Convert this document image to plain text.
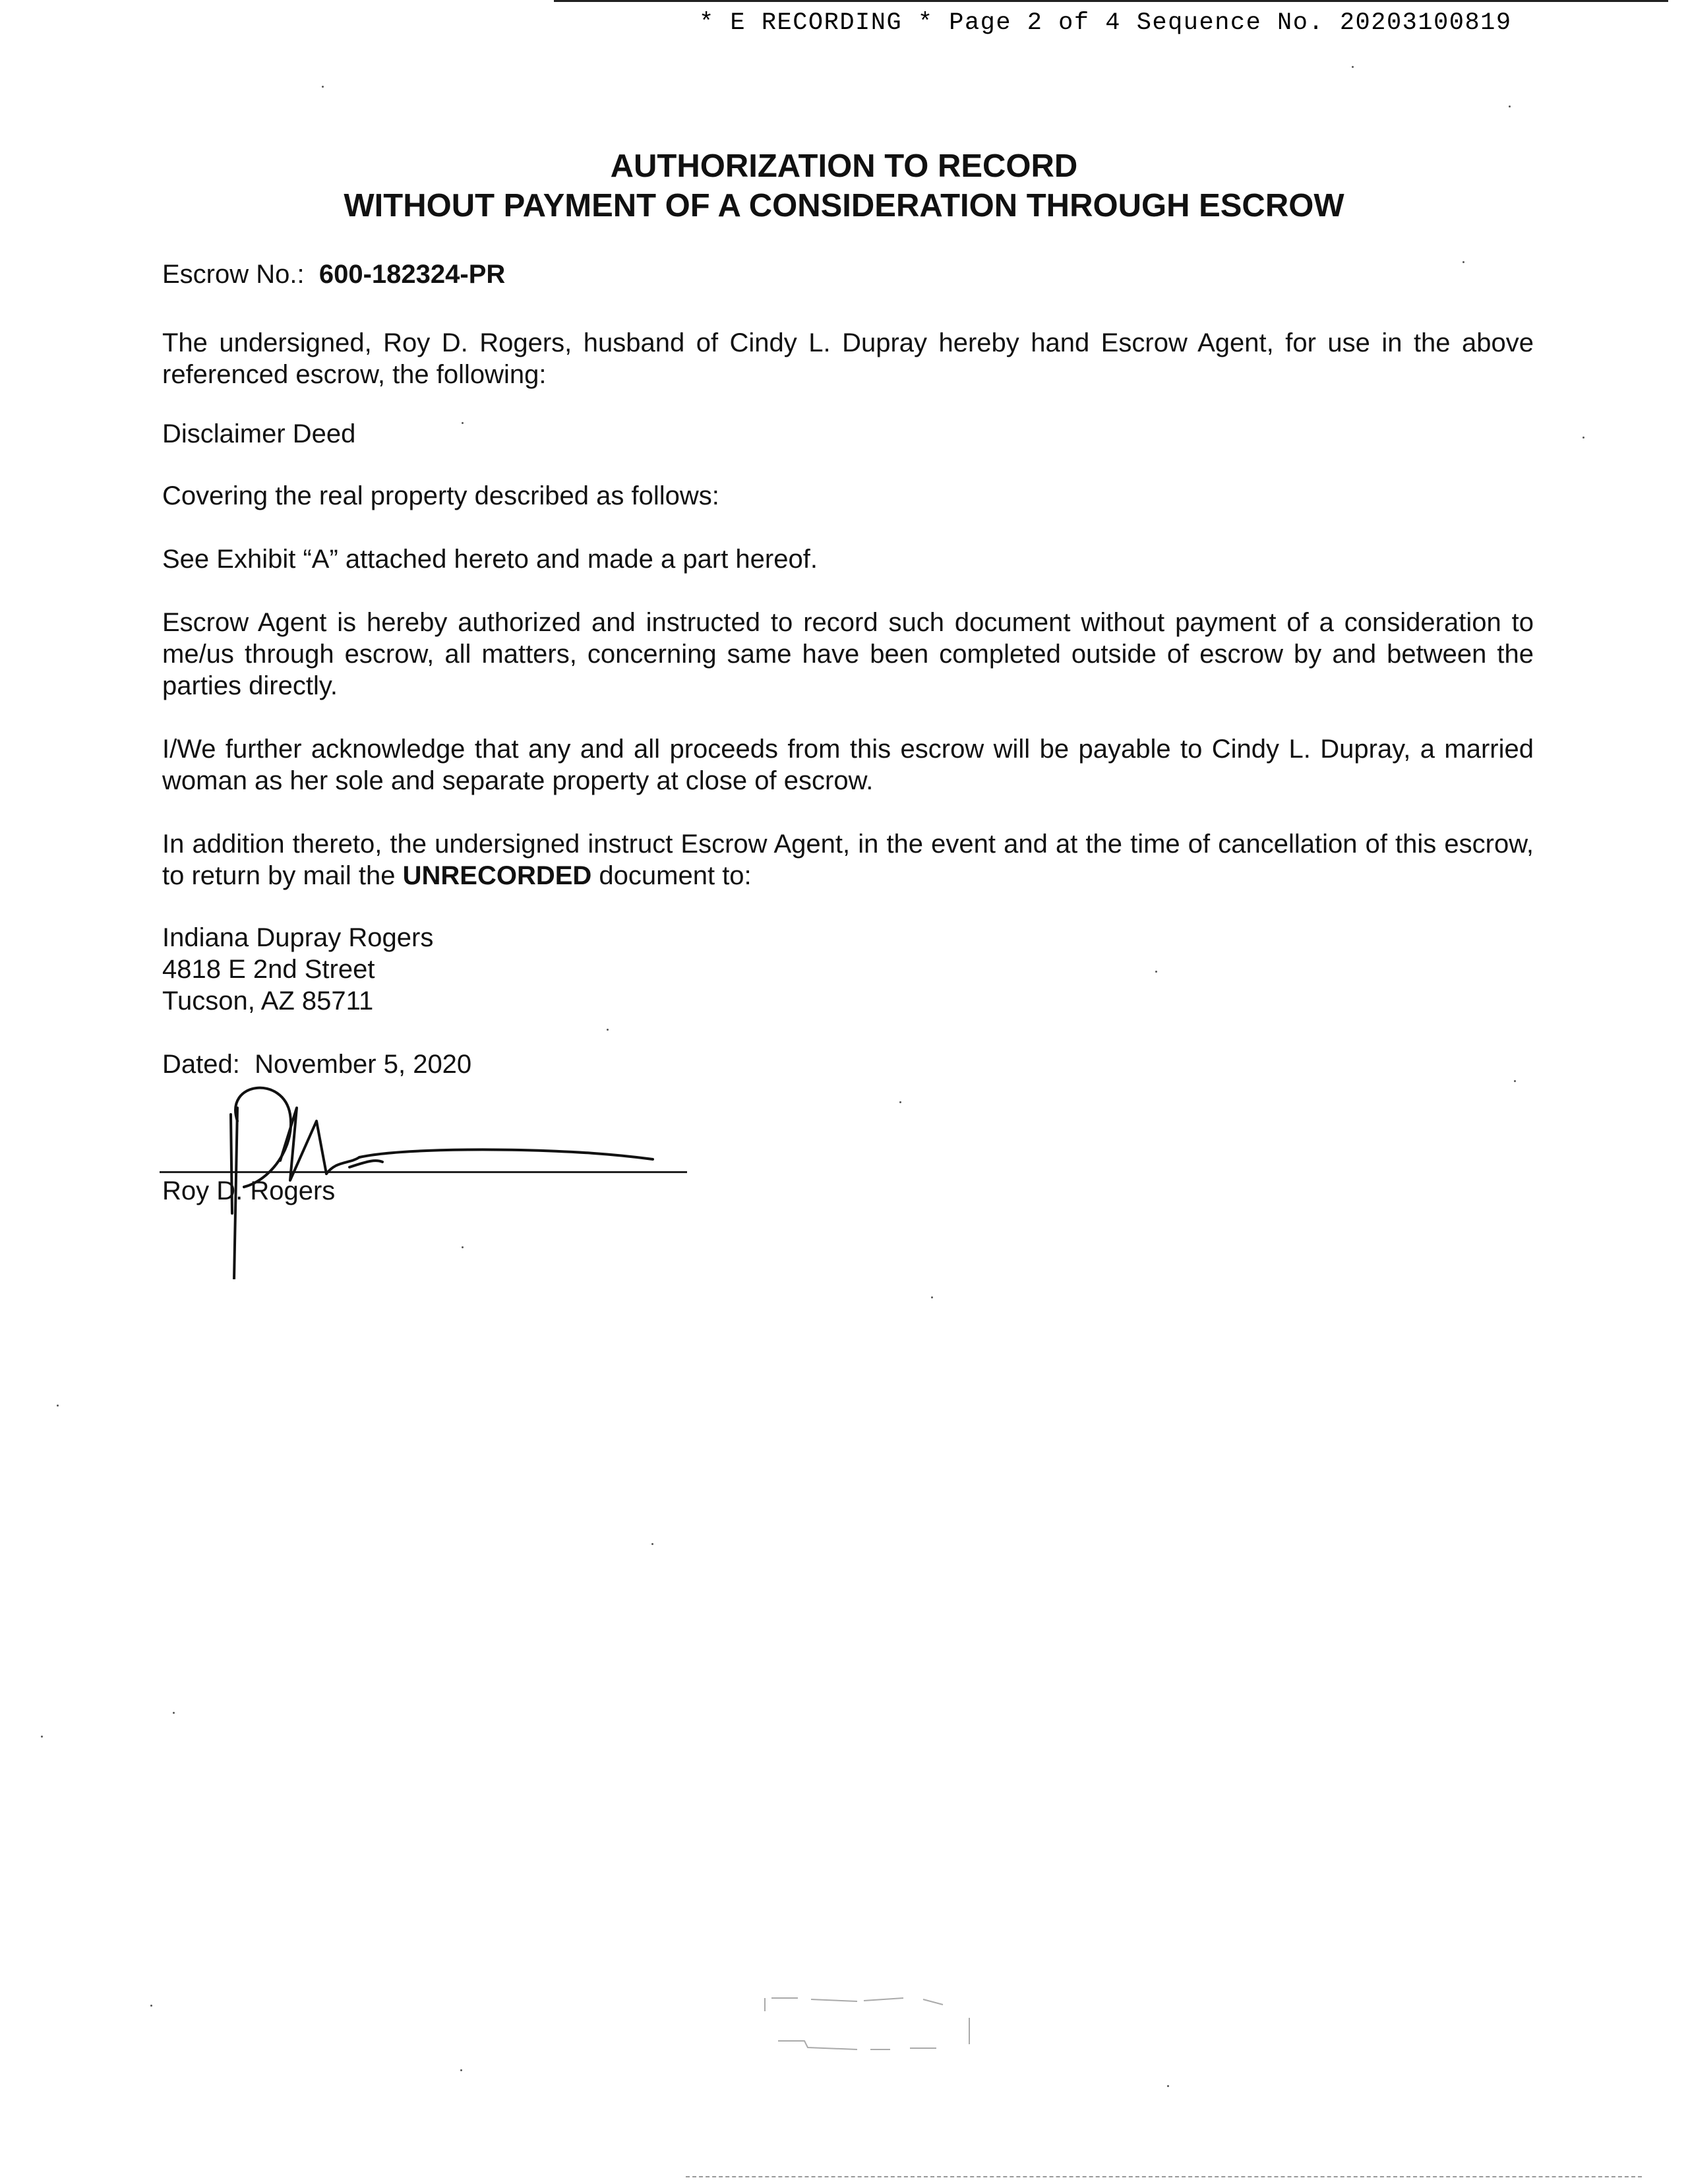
* E RECORDING * Page 2 of 4 Sequence No. 20203100819
AUTHORIZATION TO RECORD
WITHOUT PAYMENT OF A CONSIDERATION THROUGH ESCROW
Escrow No.: 600-182324-PR
The undersigned, Roy D. Rogers, husband of Cindy L. Dupray hereby hand Escrow Agent, for use in the above referenced escrow, the following:
Disclaimer Deed
Covering the real property described as follows:
See Exhibit “A” attached hereto and made a part hereof.
Escrow Agent is hereby authorized and instructed to record such document without payment of a consideration to me/us through escrow, all matters, concerning same have been completed outside of escrow by and between the parties directly.
I/We further acknowledge that any and all proceeds from this escrow will be payable to Cindy L. Dupray, a married woman as her sole and separate property at close of escrow.
In addition thereto, the undersigned instruct Escrow Agent, in the event and at the time of cancellation of this escrow, to return by mail the UNRECORDED document to:
Indiana Dupray Rogers
4818 E 2nd Street
Tucson, AZ 85711
Dated: November 5, 2020
Roy D. Rogers
